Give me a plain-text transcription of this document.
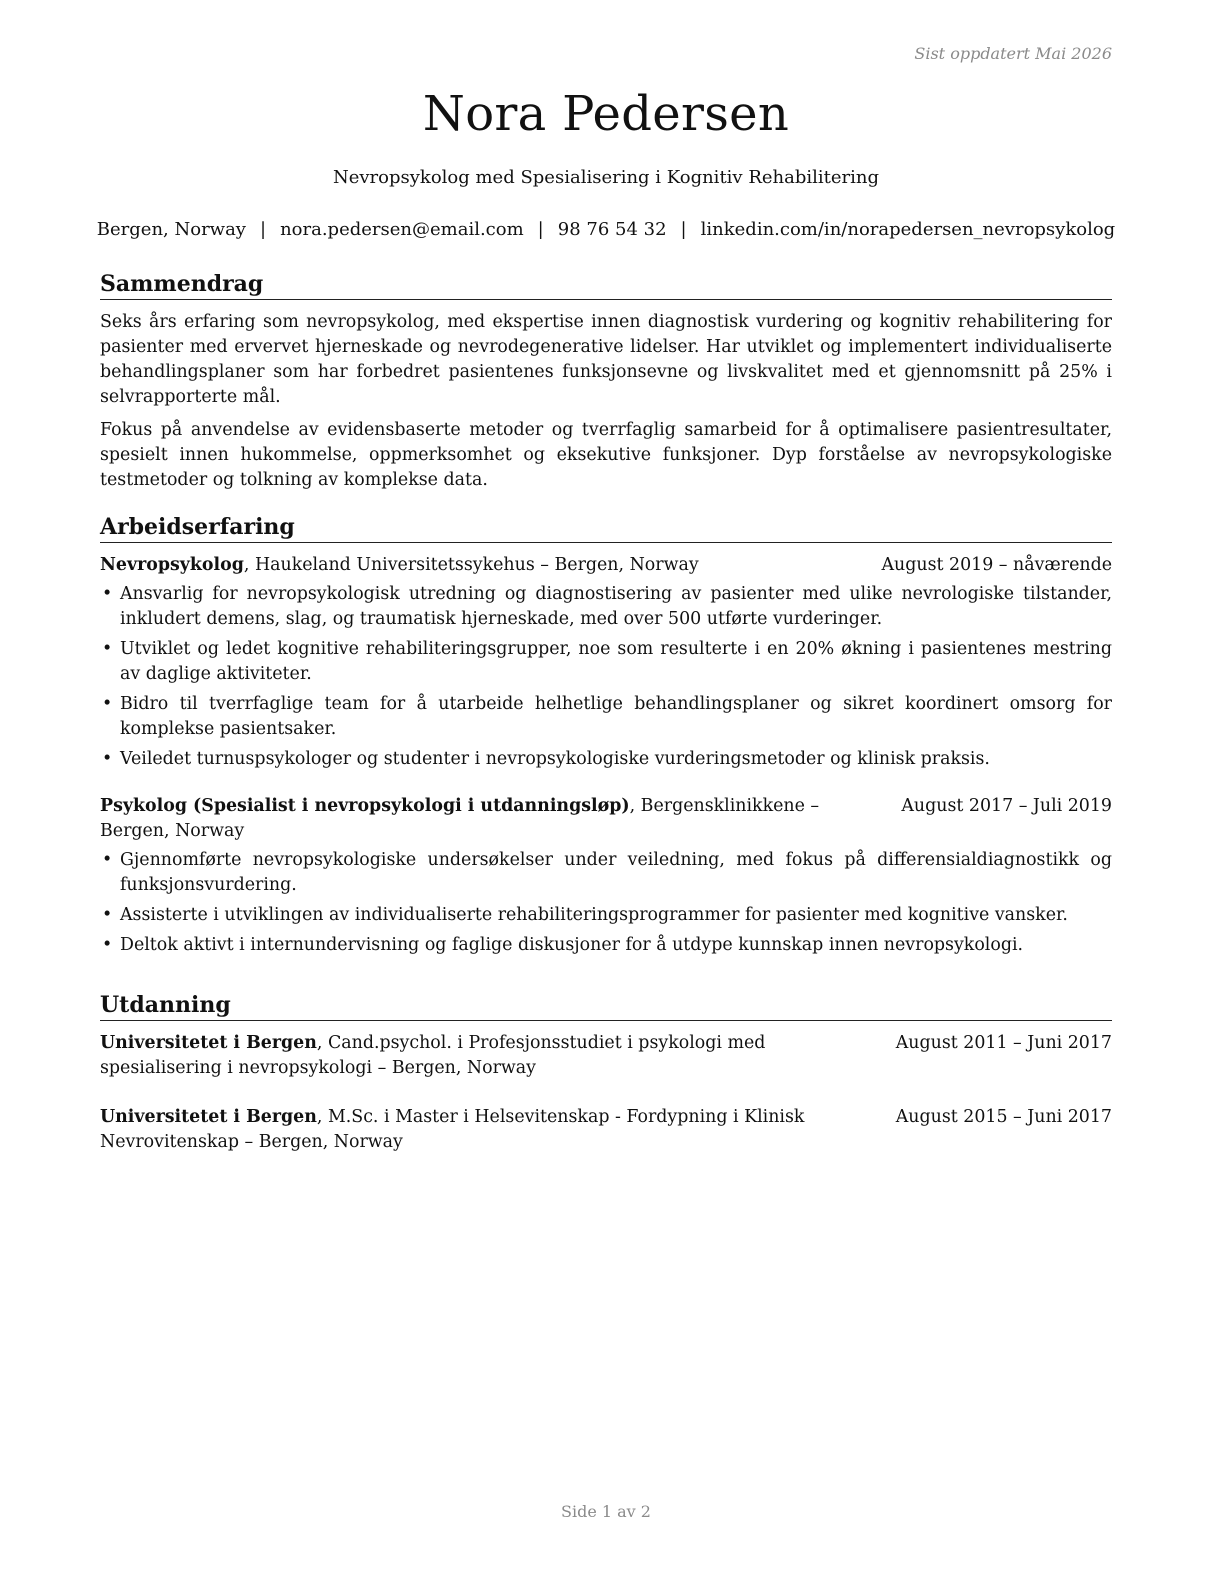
Sist oppdatert Mai 2026
Nora Pedersen
Nevropsykolog med Spesialisering i Kognitiv Rehabilitering
Bergen, Norway | nora.pedersen@email.com | 98 76 54 32 | linkedin.com/in/norapedersen_nevropsykolog
Sammendrag

Seks års erfaring som nevropsykolog, med ekspertise innen diagnostisk vurdering og kognitiv rehabilitering for pasienter med ervervet hjerneskade og nevrodegenerative lidelser. Har utviklet og implementert individualiserte behandlingsplaner som har forbedret pasientenes funksjonsevne og livskvalitet med et gjennomsnitt på 25% i selvrapporterte mål.

Fokus på anvendelse av evidensbaserte metoder og tverrfaglig samarbeid for å optimalisere pasientresultater, spesielt innen hukommelse, oppmerksomhet og eksekutive funksjoner. Dyp forståelse av nevropsykologiske testmetoder og tolkning av komplekse data.

Arbeidserfaring
Nevropsykolog, Haukeland Universitetssykehus – Bergen, Norway	August 2019 – nåværende
• Ansvarlig for nevropsykologisk utredning og diagnostisering av pasienter med ulike nevrologiske tilstander, inkludert demens, slag, og traumatisk hjerneskade, med over 500 utførte vurderinger.
• Utviklet og ledet kognitive rehabiliteringsgrupper, noe som resulterte i en 20% økning i pasientenes mestring av daglige aktiviteter.
• Bidro til tverrfaglige team for å utarbeide helhetlige behandlingsplaner og sikret koordinert omsorg for komplekse pasientsaker.
• Veiledet turnuspsykologer og studenter i nevropsykologiske vurderingsmetoder og klinisk praksis.
Psykolog (Spesialist i nevropsykologi i utdanningsløp), Bergensklinikkene – Bergen, Norway
August 2017 – Juli 2019
• Gjennomførte nevropsykologiske undersøkelser under veiledning, med fokus på differensialdiagnostikk og funksjonsvurdering.
• Assisterte i utviklingen av individualiserte rehabiliteringsprogrammer for pasienter med kognitive vansker.
• Deltok aktivt i internundervisning og faglige diskusjoner for å utdype kunnskap innen nevropsykologi.
Utdanning
Universitetet i Bergen, Cand.psychol. i Profesjonsstudiet i psykologi med spesialisering i nevropsykologi – Bergen, Norway
August 2011 – Juni 2017
Universitetet i Bergen, M.Sc. i Master i Helsevitenskap - Fordypning i Klinisk Nevrovitenskap – Bergen, Norway
August 2015 – Juni 2017
Side 1 av 2
